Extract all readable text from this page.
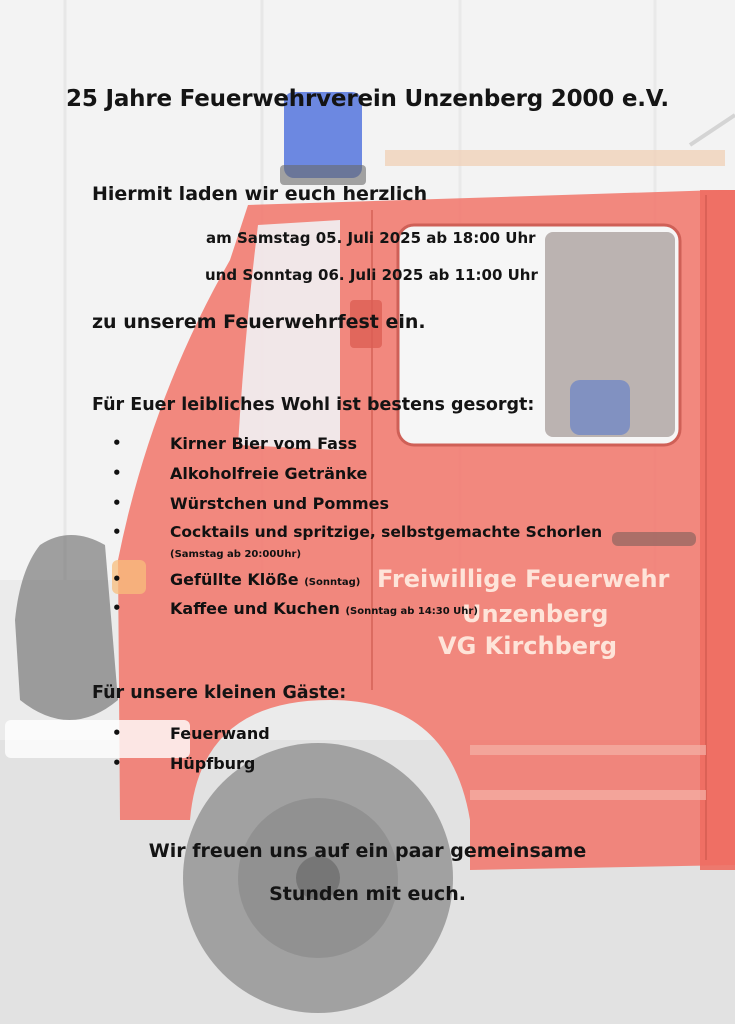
Freiwillige Feuerwehr
Unzenberg
VG Kirchberg
25 Jahre Feuerwehrverein Unzenberg 2000 e.V.
Hiermit laden wir euch herzlich
am Samstag 05. Juli 2025 ab 18:00 Uhr
und Sonntag 06. Juli 2025 ab 11:00 Uhr
zu unserem Feuerwehrfest ein.
Für Euer leibliches Wohl ist bestens gesorgt:
•	Kirner Bier vom Fass
•	Alkoholfreie Getränke
•	Würstchen und Pommes
•	Cocktails und spritzige, selbstgemachte Schorlen
(Samstag ab 20:00Uhr)
•	Gefüllte Klöße (Sonntag)
•	Kaffee und Kuchen (Sonntag ab 14:30 Uhr)
Für unsere kleinen Gäste:
•	Feuerwand
•	Hüpfburg
Wir freuen uns auf ein paar gemeinsame
Stunden mit euch.
